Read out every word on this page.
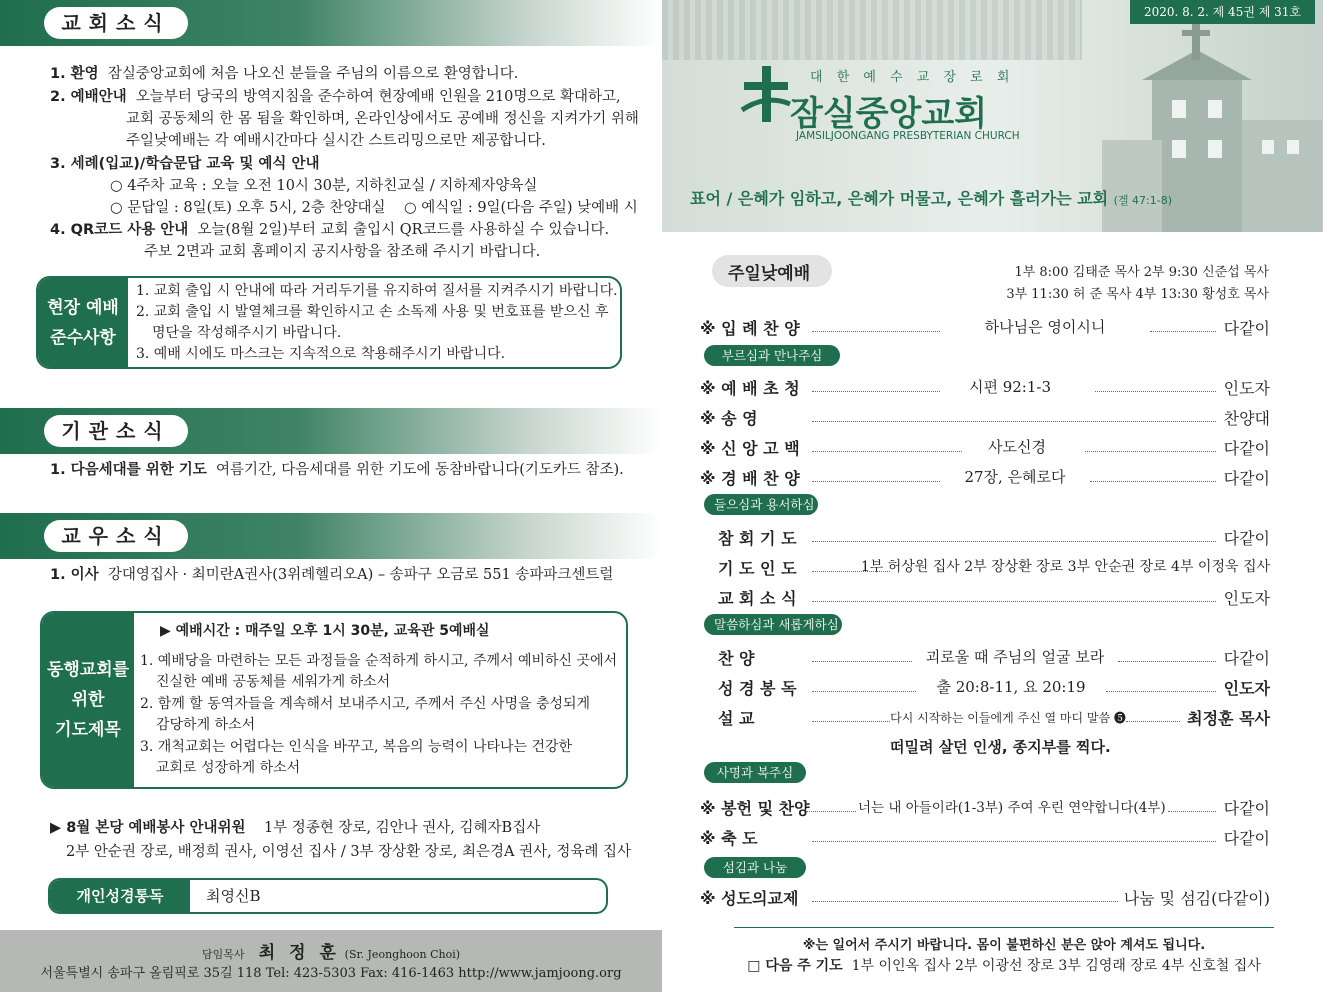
교회소식
1. 환영 잠실중앙교회에 처음 나오신 분들을 주님의 이름으로 환영합니다.
2. 예배안내 오늘부터 당국의 방역지침을 준수하여 현장예배 인원을 210명으로 확대하고,
교회 공동체의 한 몸 됨을 확인하며, 온라인상에서도 공예배 정신을 지켜가기 위해
주일낮예배는 각 예배시간마다 실시간 스트리밍으로만 제공합니다.
3. 세례(입교)/학습문답 교육 및 예식 안내
○ 4주차 교육 : 오늘 오전 10시 30분, 지하친교실 / 지하제자양육실
○ 문답일 : 8일(토) 오후 5시, 2층 찬양대실 ○ 예식일 : 9일(다음 주일) 낮예배 시
4. QR코드 사용 안내 오늘(8월 2일)부터 교회 출입시 QR코드를 사용하실 수 있습니다.
주보 2면과 교회 홈페이지 공지사항을 참조해 주시기 바랍니다.
현장 예배
준수사항
1. 교회 출입 시 안내에 따라 거리두기를 유지하여 질서를 지켜주시기 바랍니다.
2. 교회 출입 시 발열체크를 확인하시고 손 소독제 사용 및 번호표를 받으신 후
명단을 작성해주시기 바랍니다.
3. 예배 시에도 마스크는 지속적으로 착용해주시기 바랍니다.
기관소식
1. 다음세대를 위한 기도 여름기간, 다음세대를 위한 기도에 동참바랍니다(기도카드 참조).
교우소식
1. 이사 강대영집사 · 최미란A권사(3위례헬리오A) – 송파구 오금로 551 송파파크센트럴
동행교회를
위한
기도제목
▶ 예배시간 : 매주일 오후 1시 30분, 교육관 5예배실
1. 예배당을 마련하는 모든 과정들을 순적하게 하시고, 주께서 예비하신 곳에서
진실한 예배 공동체를 세워가게 하소서
2. 함께 할 동역자들을 계속해서 보내주시고, 주께서 주신 사명을 충성되게
감당하게 하소서
3. 개척교회는 어렵다는 인식을 바꾸고, 복음의 능력이 나타나는 건강한
교회로 성장하게 하소서
▶ 8월 본당 예배봉사 안내위원 1부 정종현 장로, 김안나 권사, 김혜자B집사
2부 안순권 장로, 배정희 권사, 이영선 집사 / 3부 장상환 장로, 최은경A 권사, 정육례 집사
개인성경통독	최영신B
담임목사 최 정 훈 (Sr. Jeonghoon Choi)
서울특별시 송파구 올림픽로 35길 118 Tel: 423-5303 Fax: 416-1463 http://www.jamjoong.org
2020. 8. 2. 제 45권 제 31호
대 한 예 수 교 장 로 회
잠실중앙교회
JAMSILJOONGANG PRESBYTERIAN CHURCH
표어 / 은혜가 임하고, 은혜가 머물고, 은혜가 흘러가는 교회 (겔 47:1-8)
주일낮예배	1부 8:00 김태준 목사 2부 9:30 신준섭 목사
3부 11:30 허 준 목사 4부 13:30 황성호 목사
※ 입 례 찬 양	하나님은 영이시니	다같이
부르심과 만나주심
※ 예 배 초 청	시편 92:1-3	인도자
※ 송 영	찬양대
※ 신 앙 고 백	사도신경	다같이
※ 경 배 찬 양	27장, 은혜로다	다같이
들으심과 용서하심
참 회 기 도	다같이
기 도 인 도	1부 허상원 집사 2부 장상환 장로 3부 안순권 장로 4부 이정욱 집사
교 회 소 식	인도자
말씀하심과 새롭게하심
찬 양	괴로울 때 주님의 얼굴 보라	다같이
성 경 봉 독	출 20:8-11, 요 20:19	인도자
설 교	다시 시작하는 이들에게 주신 열 마디 말씀 ❺	최정훈 목사
떠밀려 살던 인생, 종지부를 찍다.
사명과 복주심
※ 봉헌 및 찬양	너는 내 아들이라(1-3부) 주여 우린 연약합니다(4부)	다같이
※ 축 도	다같이
섬김과 나눔
※ 성도의교제	나눔 및 섬김(다같이)
※는 일어서 주시기 바랍니다. 몸이 불편하신 분은 앉아 계셔도 됩니다.
□ 다음 주 기도 1부 이인옥 집사 2부 이광선 장로 3부 김영래 장로 4부 신호철 집사
